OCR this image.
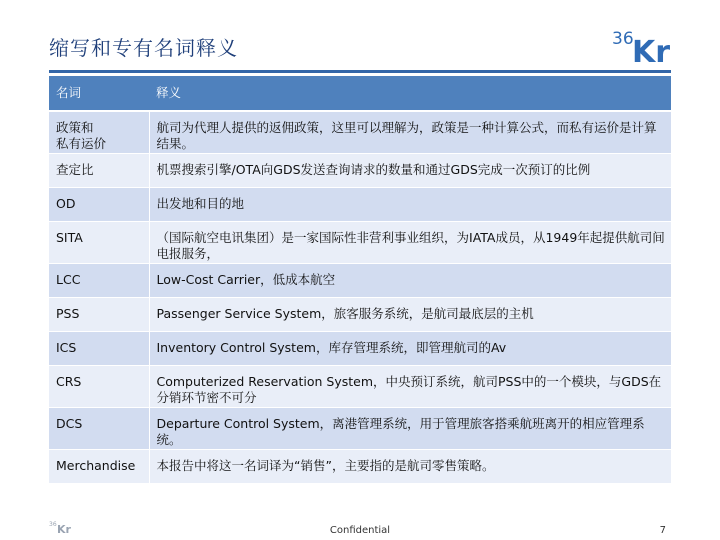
缩写和专有名词释义	36
Kr
名词	释义
政策和
私有运价	航司为代理人提供的返佣政策，这里可以理解为，政策是一种计算公式，而私有运价是计算结果。
查定比	机票搜索引擎/OTA向GDS发送查询请求的数量和通过GDS完成一次预订的比例
OD	出发地和目的地
SITA	（国际航空电讯集团）是一家国际性非营利事业组织，为IATA成员，从1949年起提供航司间电报服务，
LCC	Low-Cost Carrier，低成本航空
PSS	Passenger Service System，旅客服务系统，是航司最底层的主机
ICS	Inventory Control System，库存管理系统，即管理航司的Av
CRS	Computerized Reservation System，中央预订系统，航司PSS中的一个模块，与GDS在分销环节密不可分
DCS	Departure Control System，离港管理系统，用于管理旅客搭乘航班离开的相应管理系统。
Merchandise	本报告中将这一名词译为“销售”，主要指的是航司零售策略。
36 Kr	Confidential	7
